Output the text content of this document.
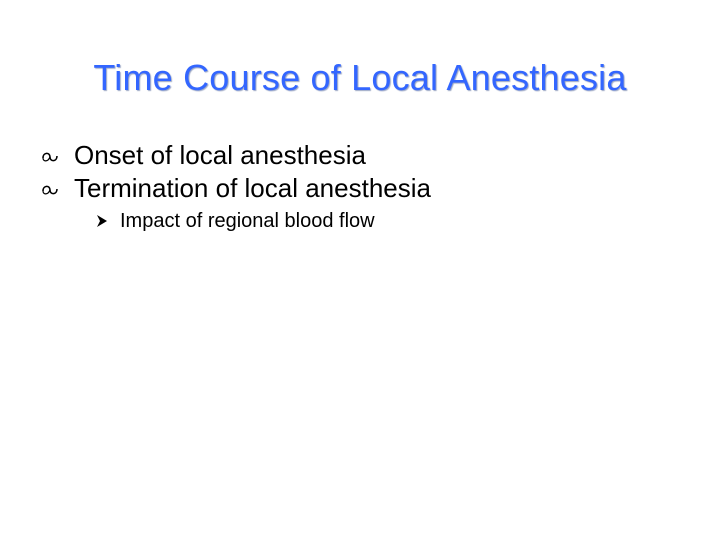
Time Course of Local Anesthesia
Onset of local anesthesia
Termination of local anesthesia
Impact of regional blood flow
